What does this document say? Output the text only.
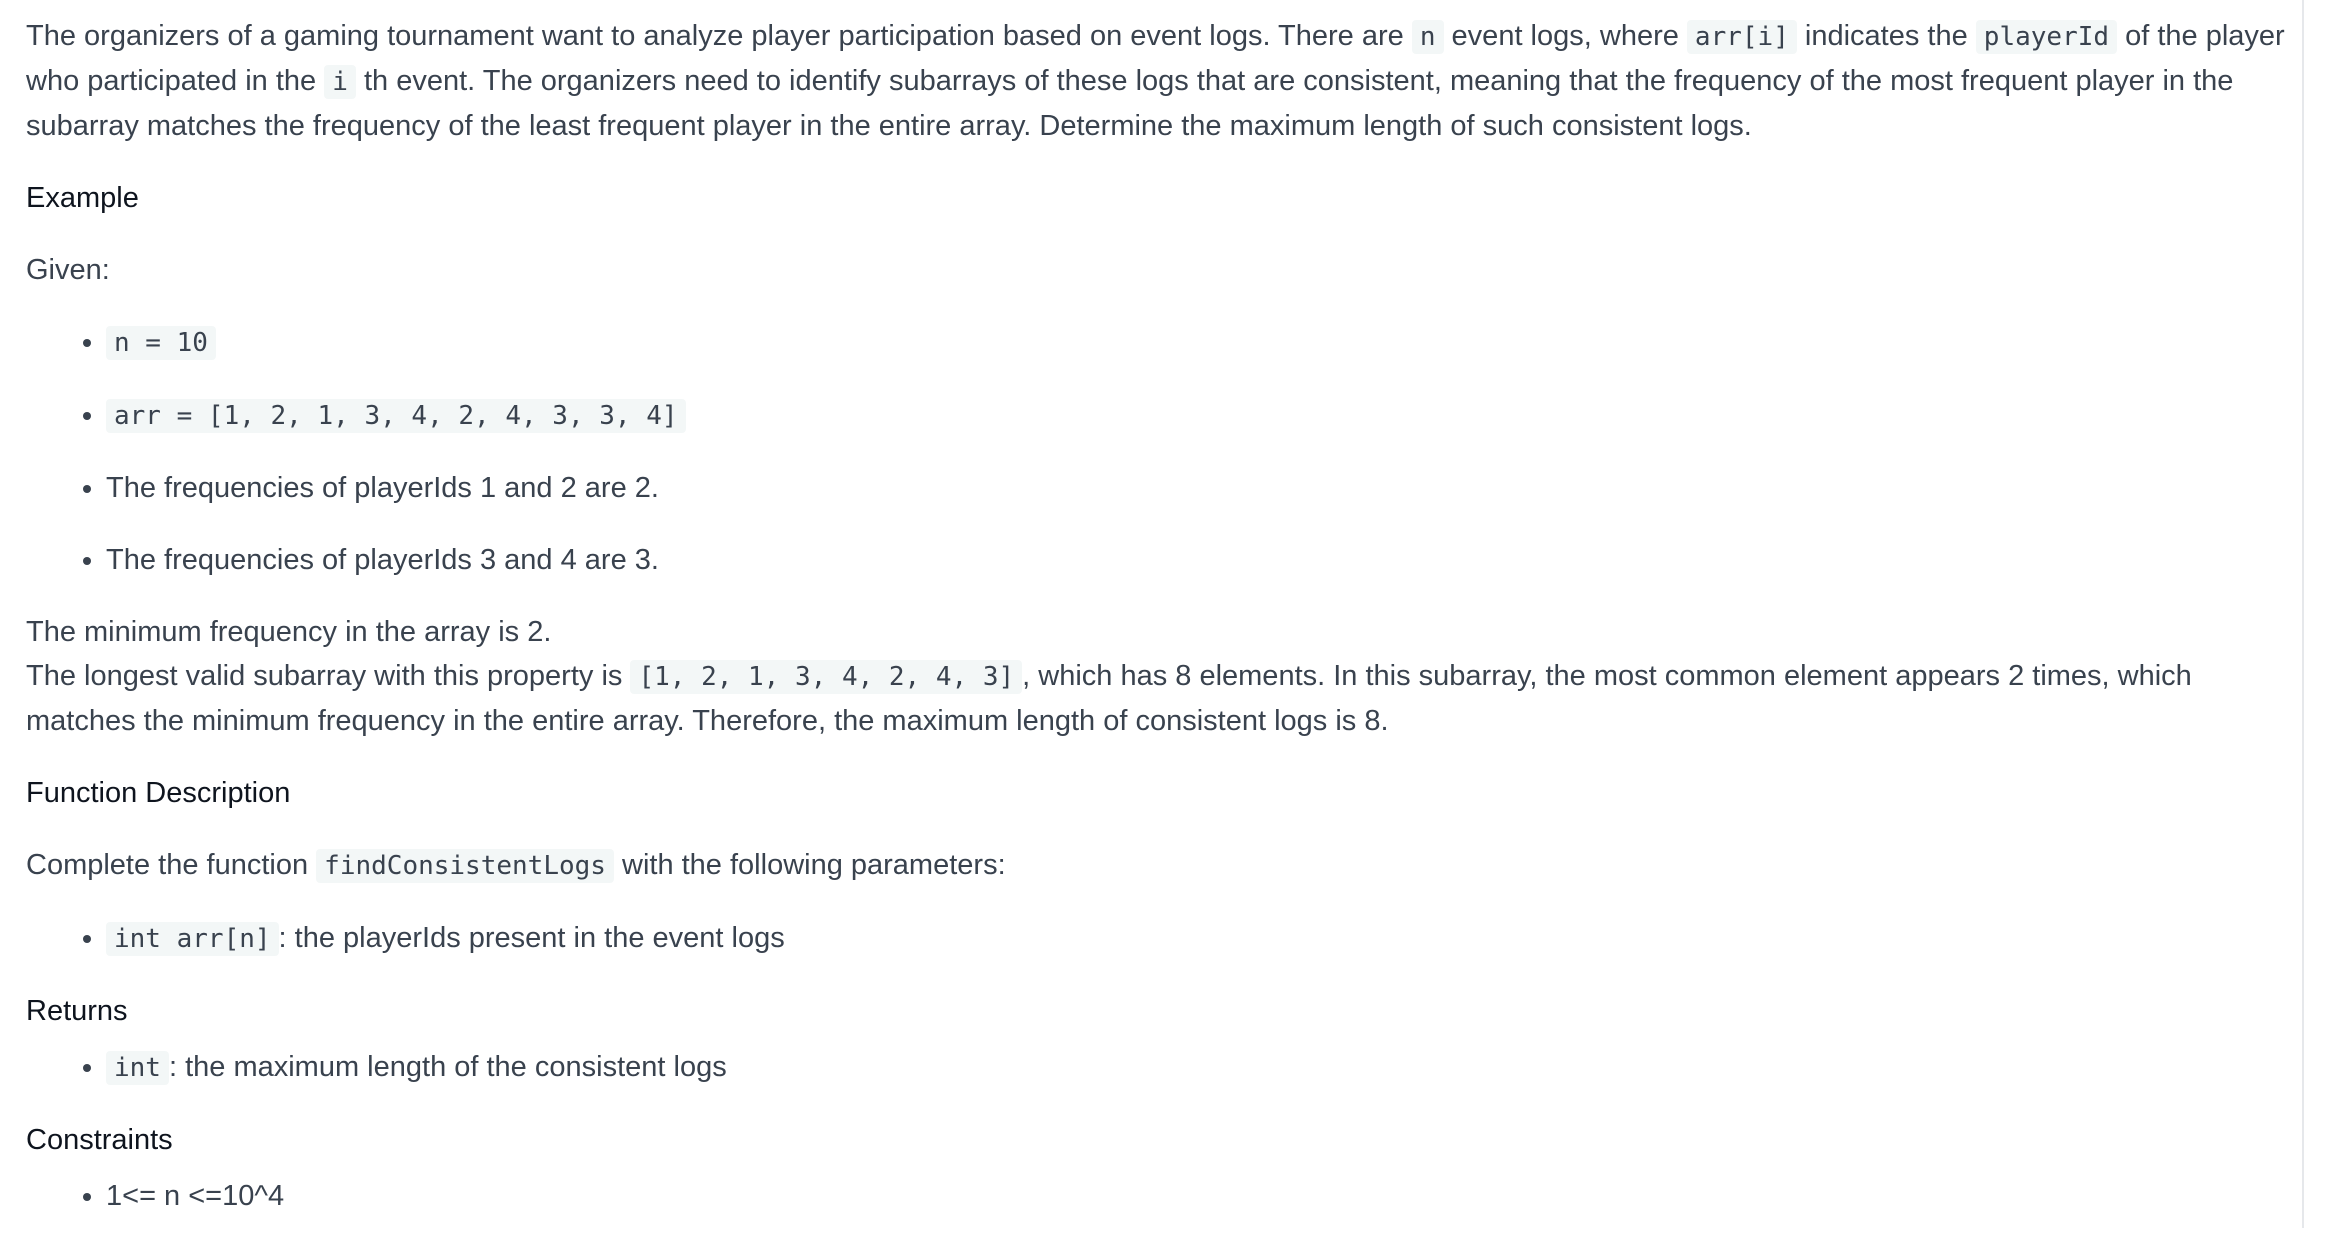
The organizers of a gaming tournament want to analyze player participation based on event logs. There are n event logs, where arr[i] indicates the playerId of the player who participated in the i th event. The organizers need to identify subarrays of these logs that are consistent, meaning that the frequency of the most frequent player in the subarray matches the frequency of the least frequent player in the entire array. Determine the maximum length of such consistent logs.

Example

Given:

• n = 10
• arr = [1, 2, 1, 3, 4, 2, 4, 3, 3, 4]
• The frequencies of playerIds 1 and 2 are 2.
• The frequencies of playerIds 3 and 4 are 3.

The minimum frequency in the array is 2.

The longest valid subarray with this property is [1, 2, 1, 3, 4, 2, 4, 3] , which has 8 elements. In this subarray, the most common element appears 2 times, which matches the minimum frequency in the entire array. Therefore, the maximum length of consistent logs is 8.

Function Description

Complete the function findConsistentLogs with the following parameters:

• int arr[n] : the playerIds present in the event logs

Returns

• int : the maximum length of the consistent logs

Constraints

• 1<= n <=10^4
